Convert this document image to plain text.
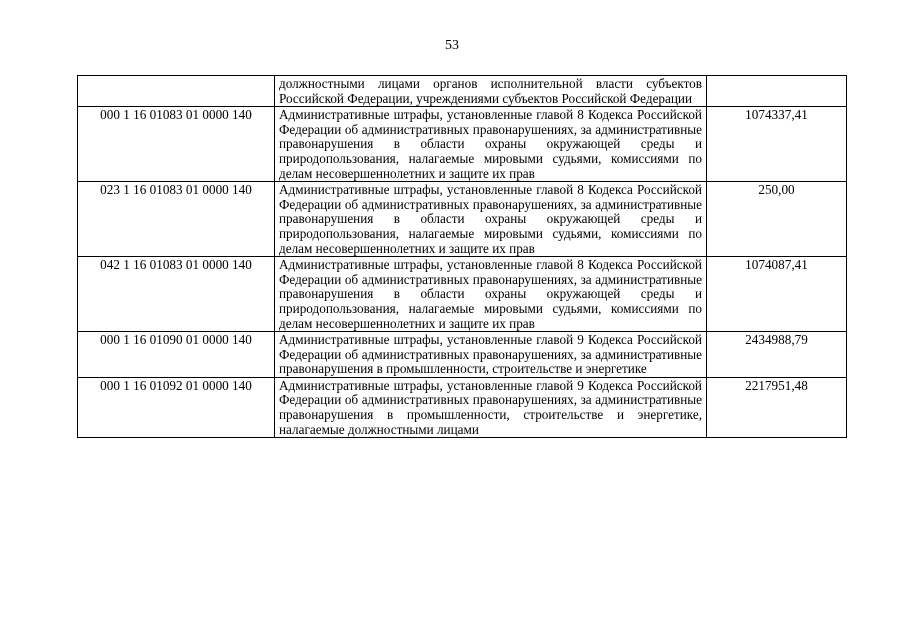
53
	должностными лицами органов исполнительной власти субъектов Российской Федерации, учреждениями субъектов Российской Федерации	
000 1 16 01083 01 0000 140	Административные штрафы, установленные главой 8 Кодекса Российской Федерации об административных правонарушениях, за административные правонарушения в области охраны окружающей среды и природопользования, налагаемые мировыми судьями, комиссиями по делам несовершеннолетних и защите их прав	1074337,41
023 1 16 01083 01 0000 140	Административные штрафы, установленные главой 8 Кодекса Российской Федерации об административных правонарушениях, за административные правонарушения в области охраны окружающей среды и природопользования, налагаемые мировыми судьями, комиссиями по делам несовершеннолетних и защите их прав	250,00
042 1 16 01083 01 0000 140	Административные штрафы, установленные главой 8 Кодекса Российской Федерации об административных правонарушениях, за административные правонарушения в области охраны окружающей среды и природопользования, налагаемые мировыми судьями, комиссиями по делам несовершеннолетних и защите их прав	1074087,41
000 1 16 01090 01 0000 140	Административные штрафы, установленные главой 9 Кодекса Российской Федерации об административных правонарушениях, за административные правонарушения в промышленности, строительстве и энергетике	2434988,79
000 1 16 01092 01 0000 140	Административные штрафы, установленные главой 9 Кодекса Российской Федерации об административных правонарушениях, за административные правонарушения в промышленности, строительстве и энергетике, налагаемые должностными лицами	2217951,48
